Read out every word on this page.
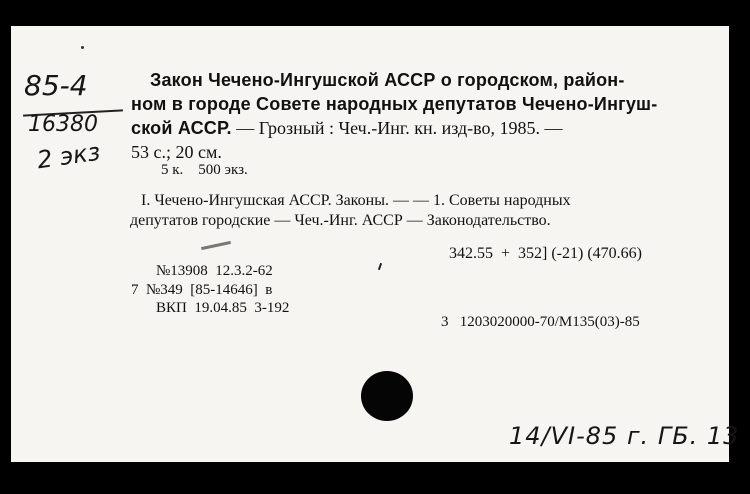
85-4
16380
2 экз
Закон Чечено-Ингушской АССР о городском, район-
ном в городе Совете народных депутатов Чечено-Ингуш-
ской АССР. — Грозный : Чеч.-Инг. кн. изд-во, 1985. —
53 с.; 20 см.
5 к.    500 экз.
I. Чечено-Ингушская АССР. Законы. — — 1. Советы народных
депутатов городские — Чеч.-Инг. АССР — Законодательство.
342.55  +  352] (-21) (470.66)
№13908  12.3.2-62
7  №349  [85-14646]  в
ВКП  19.04.85  3-192
3   1203020000-70/M135(03)-85
14/VI-85 г. ГБ. 13
